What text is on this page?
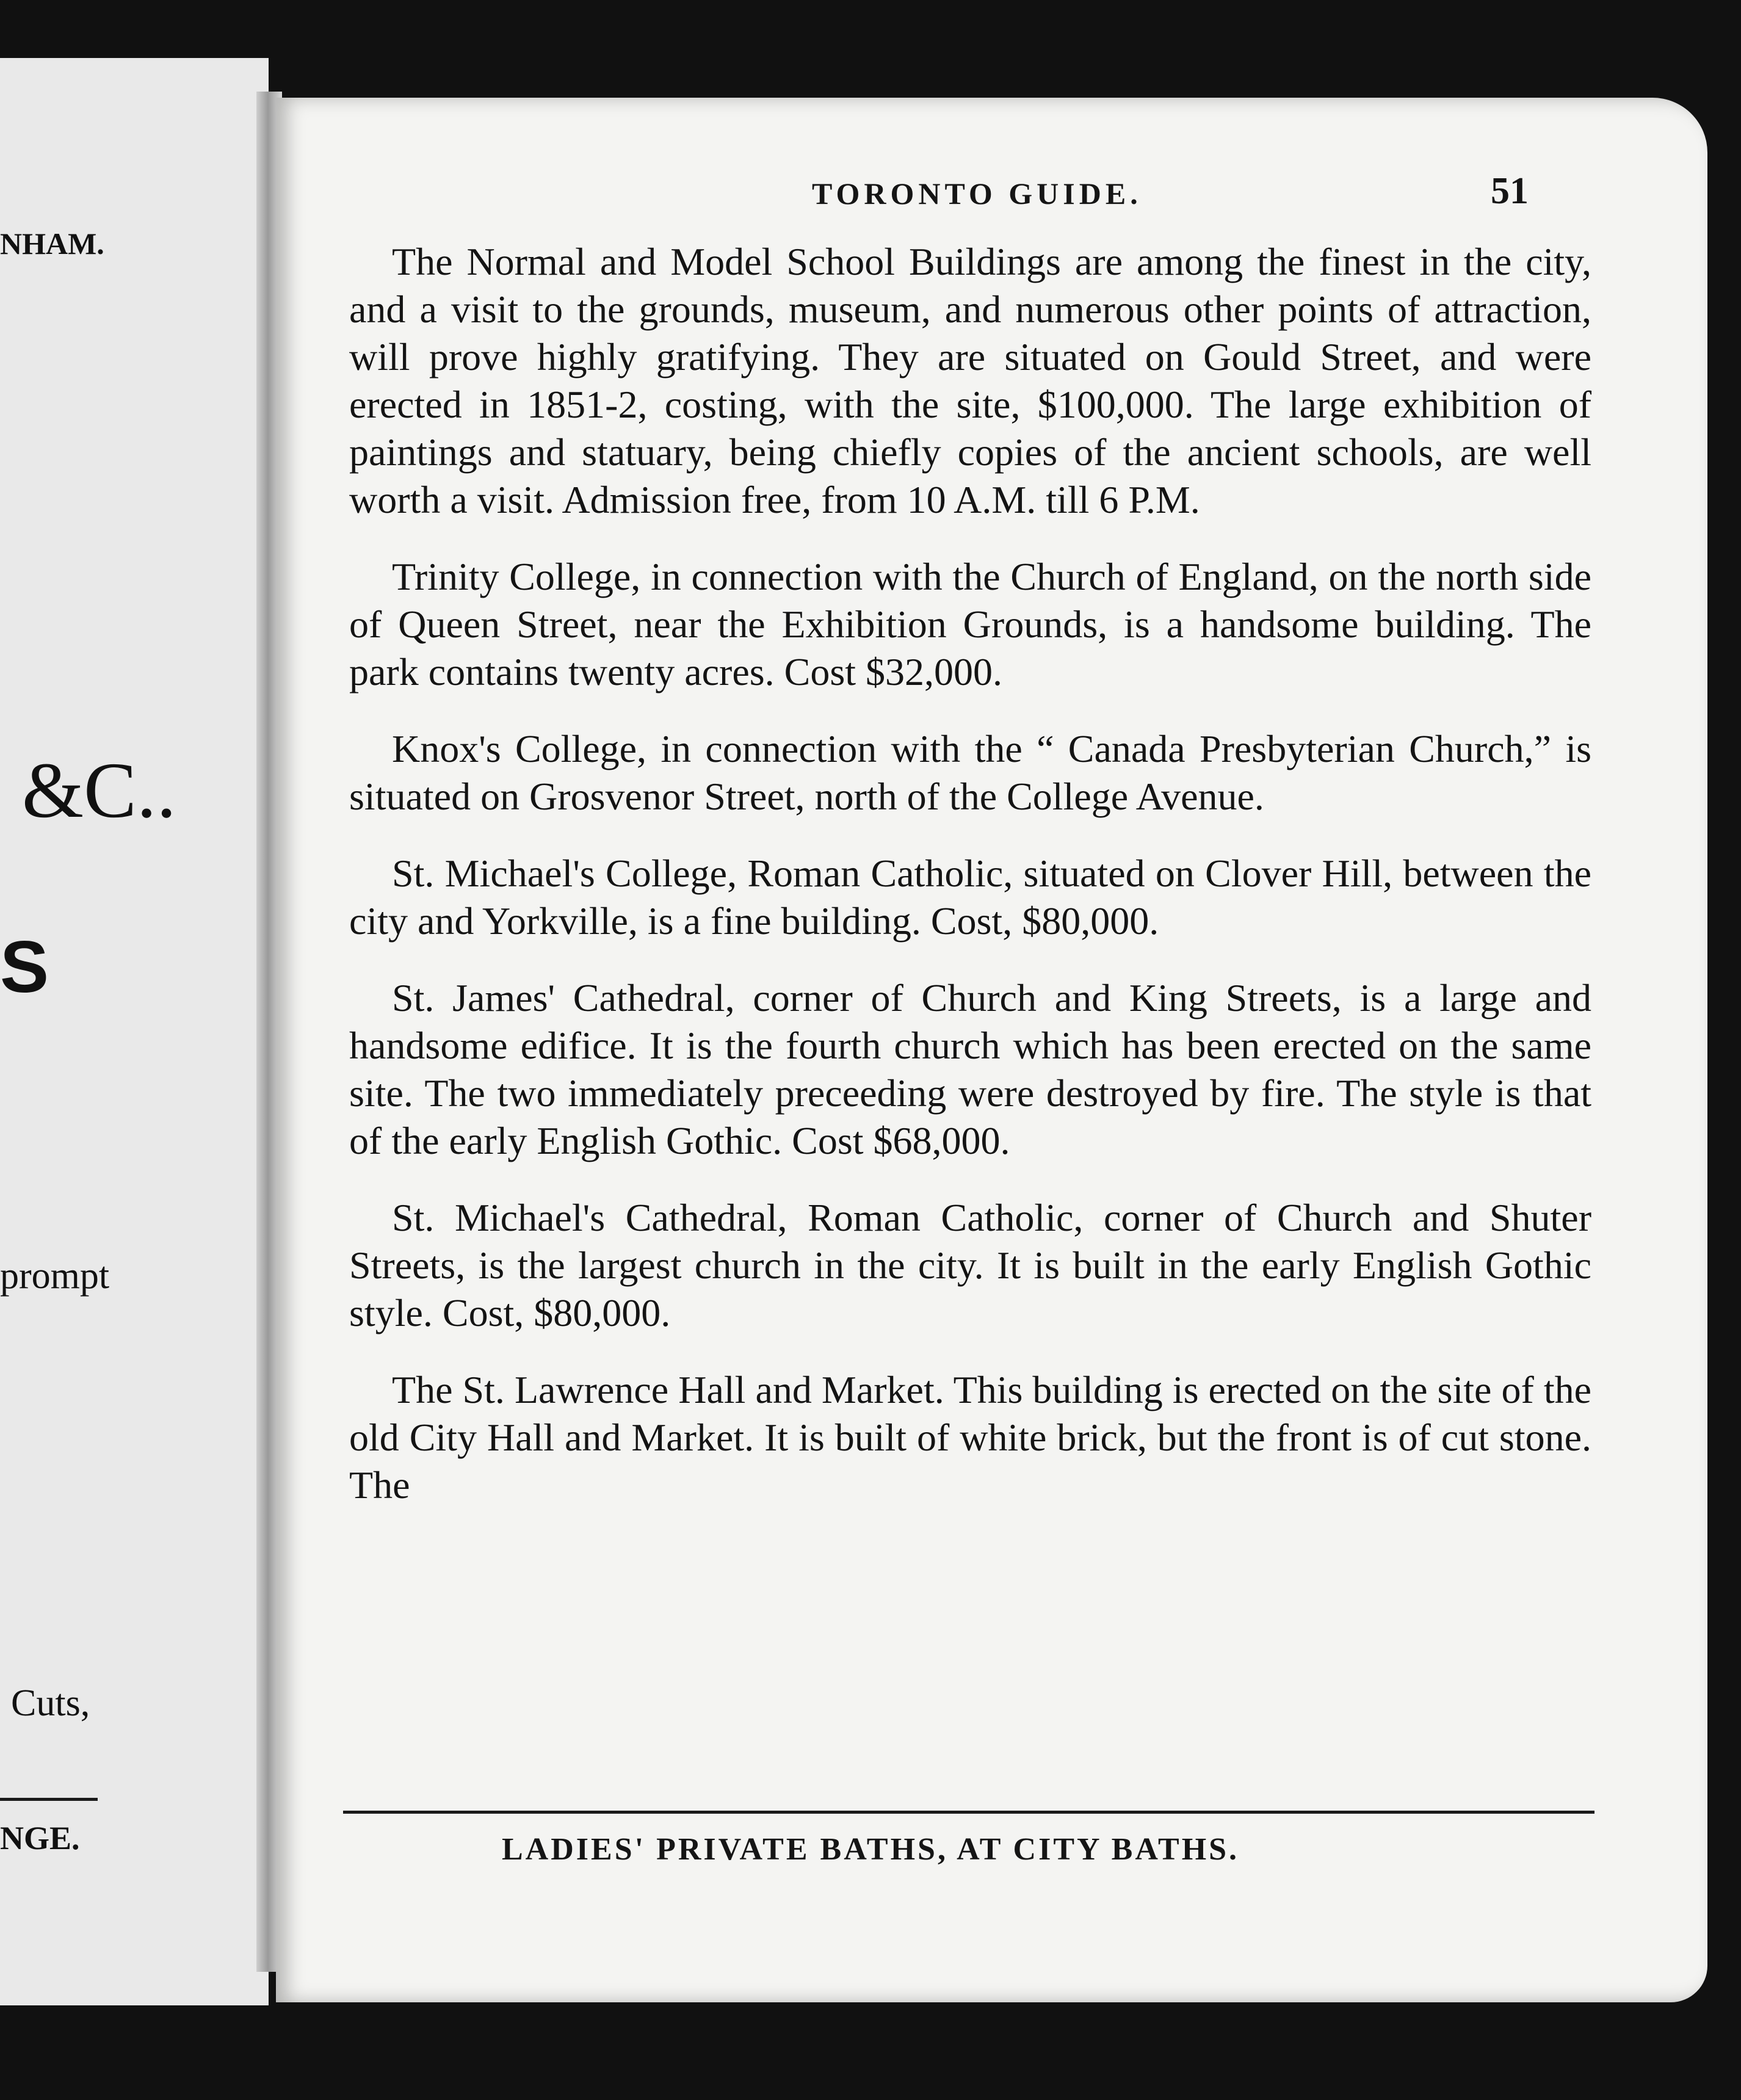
NHAM.
&C..
S
prompt
Cuts,
NGE.
TORONTO GUIDE.	51

The Normal and Model School Buildings are among the finest in the city, and a visit to the grounds, museum, and numerous other points of attraction, will prove highly gratifying. They are situated on Gould Street, and were erected in 1851-2, costing, with the site, $100,000. The large exhibition of paintings and statuary, being chiefly copies of the ancient schools, are well worth a visit. Admission free, from 10 A.M. till 6 P.M.

Trinity College, in connection with the Church of England, on the north side of Queen Street, near the Exhibition Grounds, is a handsome building. The park contains twenty acres. Cost $32,000.

Knox's College, in connection with the “ Canada Presbyterian Church,” is situated on Grosvenor Street, north of the College Avenue.

St. Michael's College, Roman Catholic, situated on Clover Hill, between the city and Yorkville, is a fine building. Cost, $80,000.

St. James' Cathedral, corner of Church and King Streets, is a large and handsome edifice. It is the fourth church which has been erected on the same site. The two immediately preceeding were destroyed by fire. The style is that of the early English Gothic. Cost $68,000.

St. Michael's Cathedral, Roman Catholic, corner of Church and Shuter Streets, is the largest church in the city. It is built in the early English Gothic style. Cost, $80,000.

The St. Lawrence Hall and Market. This building is erected on the site of the old City Hall and Market. It is built of white brick, but the front is of cut stone. The

LADIES' PRIVATE BATHS, AT CITY BATHS.
